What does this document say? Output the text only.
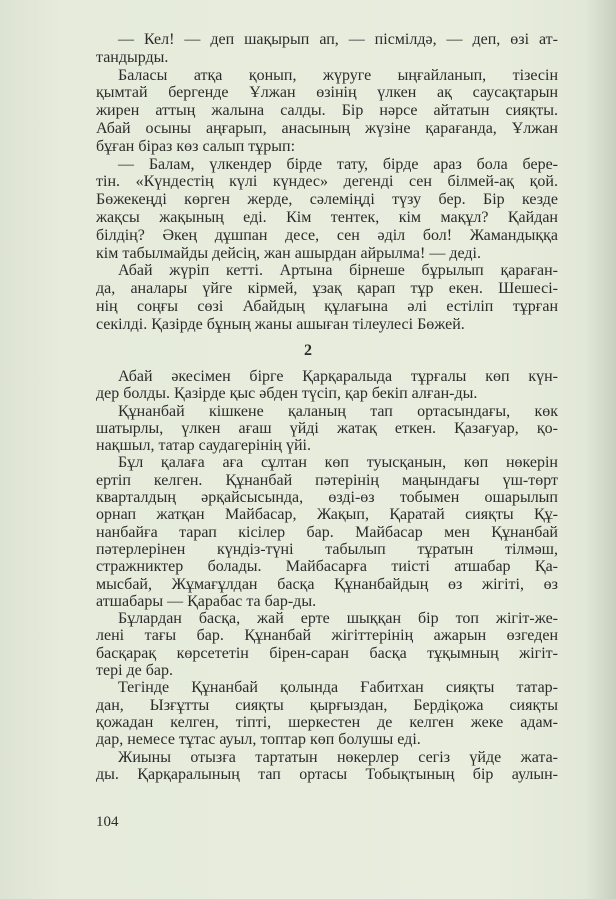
— Кел! — деп шақырып ап, — пісмілдә, — деп, өзі ат-
тандырды.
Баласы атқа қонып, жүруге ыңғайланып, тізесін
қымтай бергенде Ұлжан өзінің үлкен ақ саусақтарын
жирен аттың жалына салды. Бір нәрсе айтатын сияқты.
Абай осыны аңғарып, анасының жүзіне қарағанда, Ұлжан
бұған біраз көз салып тұрып:
— Балам, үлкендер бірде тату, бірде араз бола бере-
тін. «Күндестің күлі күндес» дегенді сен білмей-ақ қой.
Бөжекеңді көрген жерде, сәлеміңді түзу бер. Бір кезде
жақсы жақының еді. Кім тентек, кім мақұл? Қайдан
білдің? Әкең дұшпан десе, сен әділ бол! Жамандыққа
кім табылмайды дейсің, жан ашырдан айрылма! — деді.
Абай жүріп кетті. Артына бірнеше бұрылып қараған-
да, аналары үйге кірмей, ұзақ қарап тұр екен. Шешесі-
нің соңғы сөзі Абайдың құлағына әлі естіліп тұрған
секілді. Қазірде бұның жаны ашыған тілеулесі Бөжей.
2
Абай әкесімен бірге Қарқаралыда тұрғалы көп күн-
дер болды. Қазірде қыс әбден түсіп, қар бекіп алған-ды.
Құнанбай кішкене қаланың тап ортасындағы, көк
шатырлы, үлкен ағаш үйді жатақ еткен. Қазағуар, қо-
нақшыл, татар саудагерінің үйі.
Бұл қалаға аға сұлтан көп туысқанын, көп нөкерін
ертіп келген. Құнанбай пәтерінің маңындағы үш-төрт
кварталдың әрқайсысында, өзді-өз тобымен ошарылып
орнап жатқан Майбасар, Жақып, Қаратай сияқты Құ-
нанбайға тарап кісілер бар. Майбасар мен Құнанбай
пәтерлерінен күндіз-түні табылып тұратын тілмәш,
стражниктер болады. Майбасарға тиісті атшабар Қа-
мысбай, Жұмағұлдан басқа Құнанбайдың өз жігіті, өз
атшабары — Қарабас та бар-ды.
Бұлардан басқа, жай ерте шыққан бір топ жігіт-же-
лені тағы бар. Құнанбай жігіттерінің ажарын өзгеден
басқарақ көрсететін бірен-саран басқа тұқымның жігіт-
тері де бар.
Тегінде Құнанбай қолында Ғабитхан сияқты татар-
дан, Ызғұтты сияқты қырғыздан, Бердіқожа сияқты
қожадан келген, тіпті, шеркестен де келген жеке адам-
дар, немесе тұтас ауыл, топтар көп болушы еді.
Жиыны отызға тартатын нөкерлер сегіз үйде жата-
ды. Қарқаралының тап ортасы Тобықтының бір аулын-
104
